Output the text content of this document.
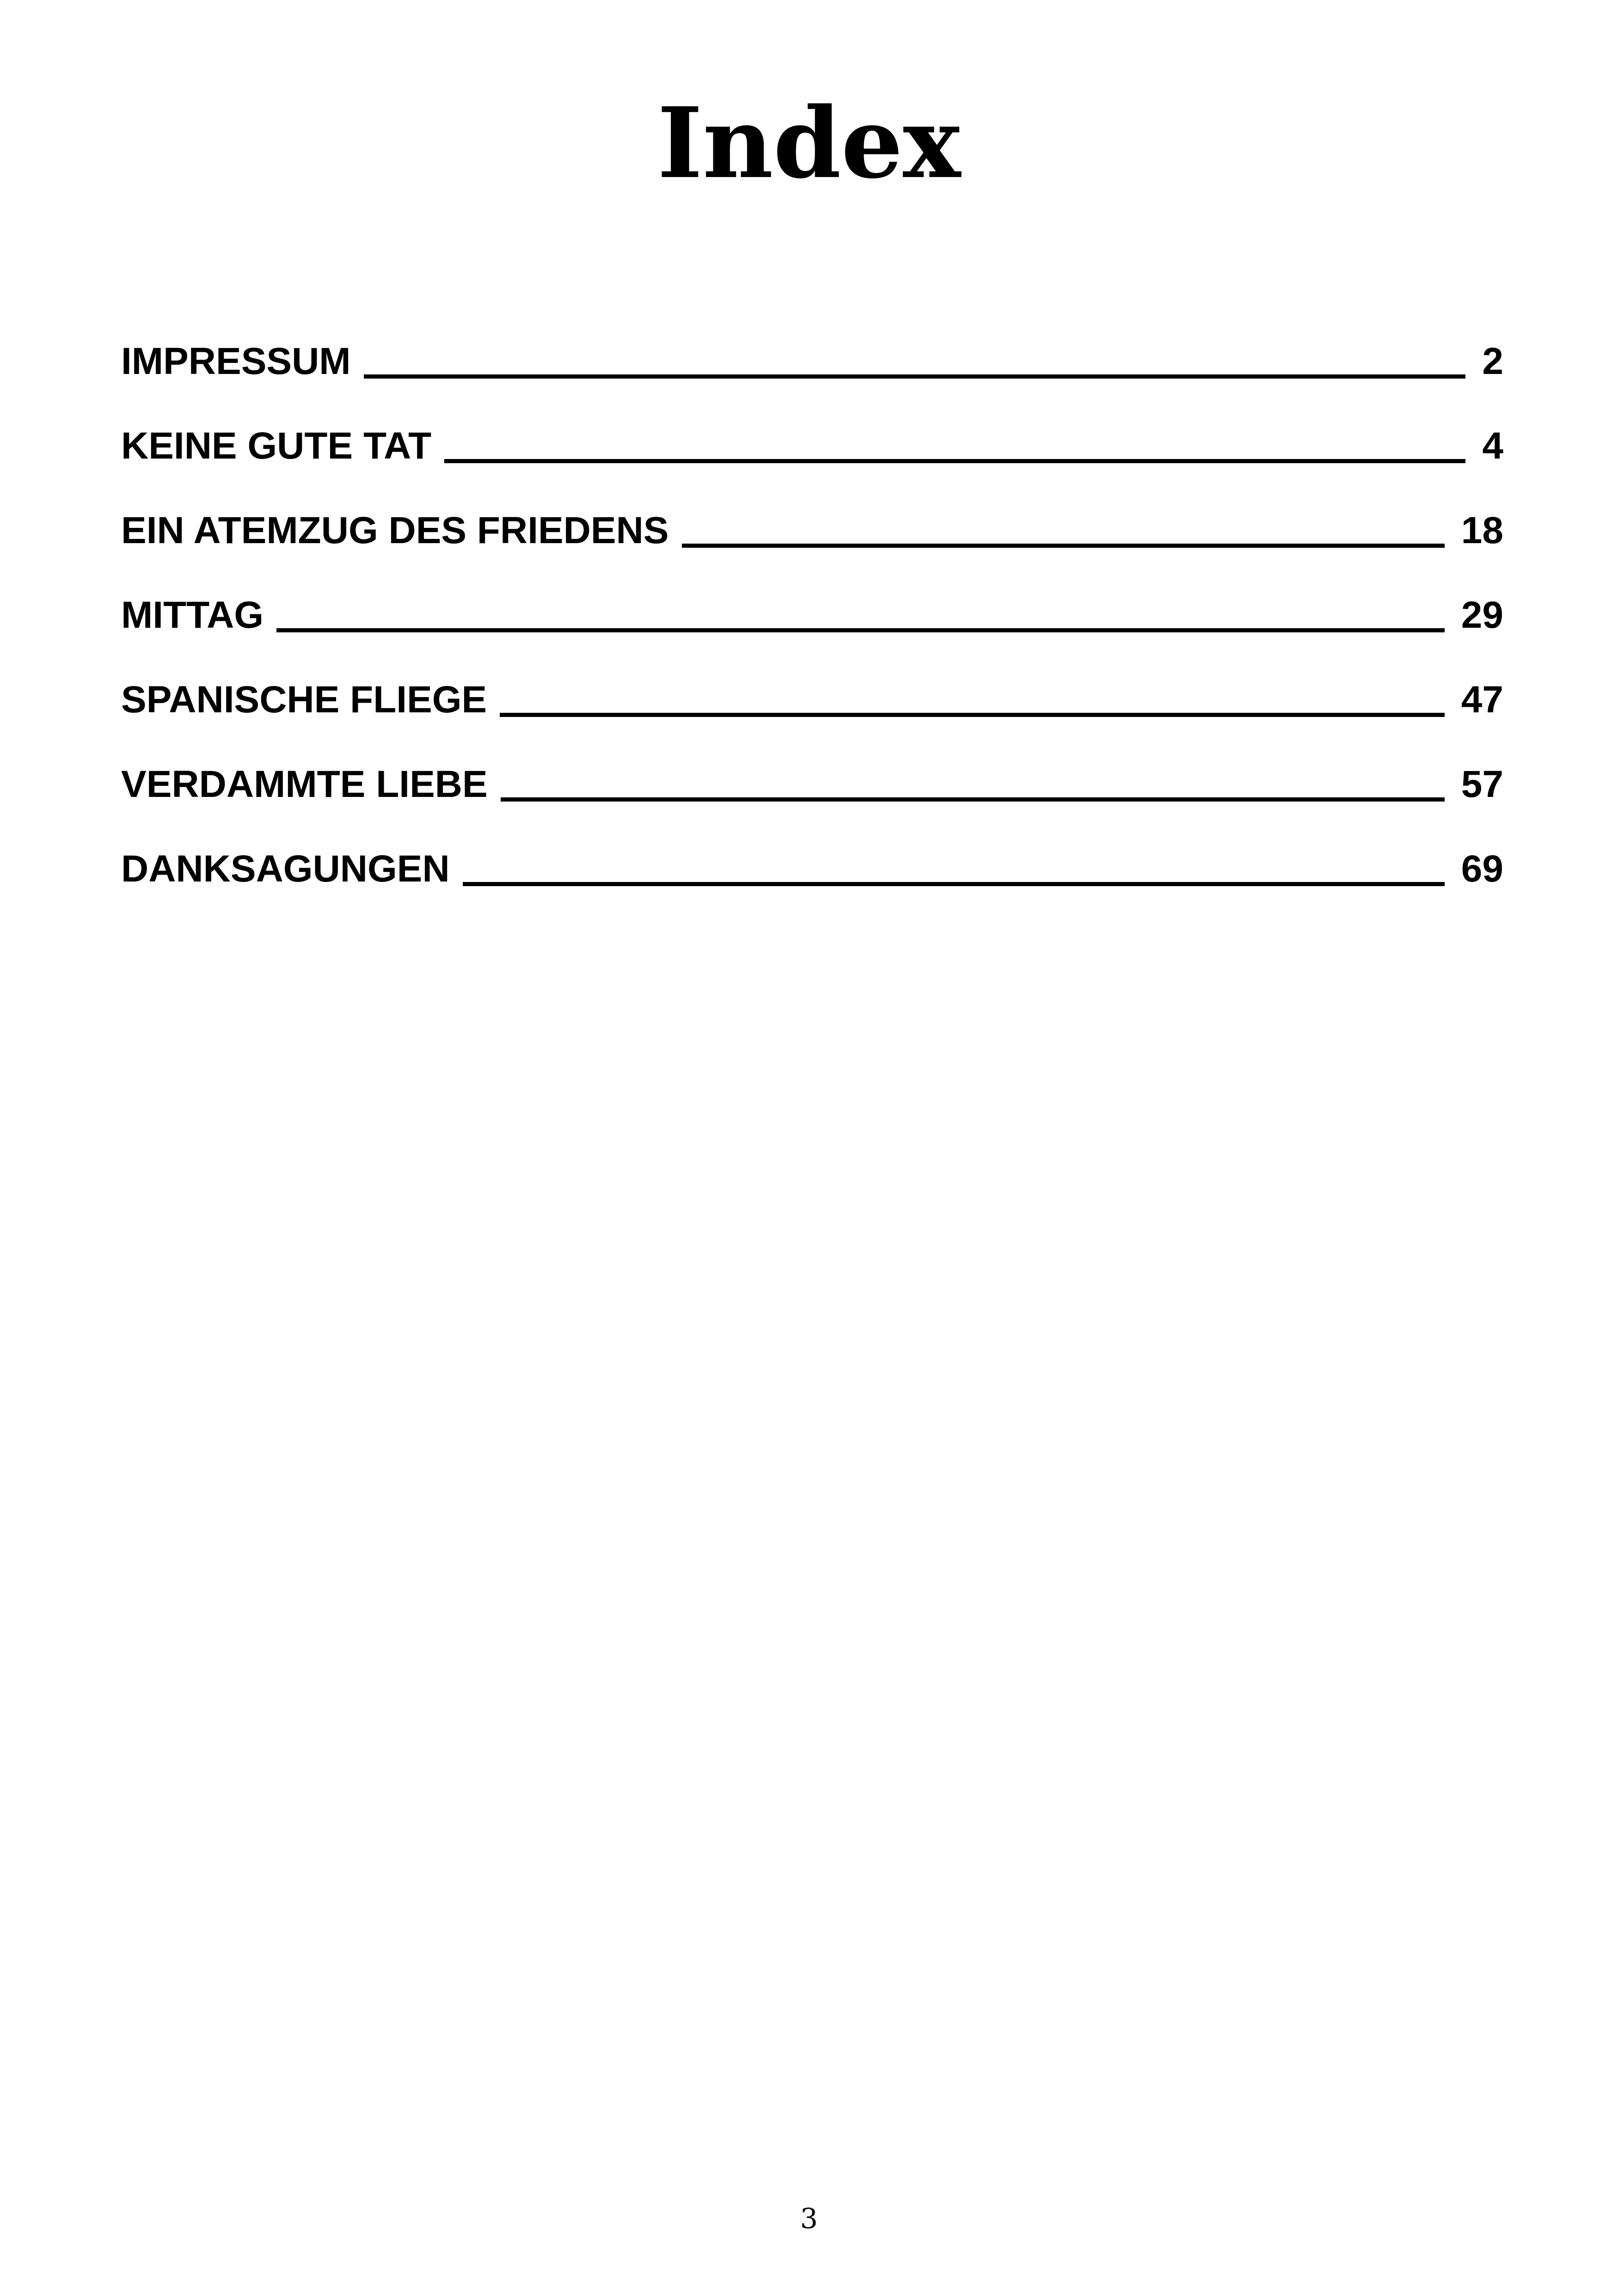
Index
IMPRESSUM	2
KEINE GUTE TAT	4
EIN ATEMZUG DES FRIEDENS	18
MITTAG	29
SPANISCHE FLIEGE	47
VERDAMMTE LIEBE	57
DANKSAGUNGEN	69
3
